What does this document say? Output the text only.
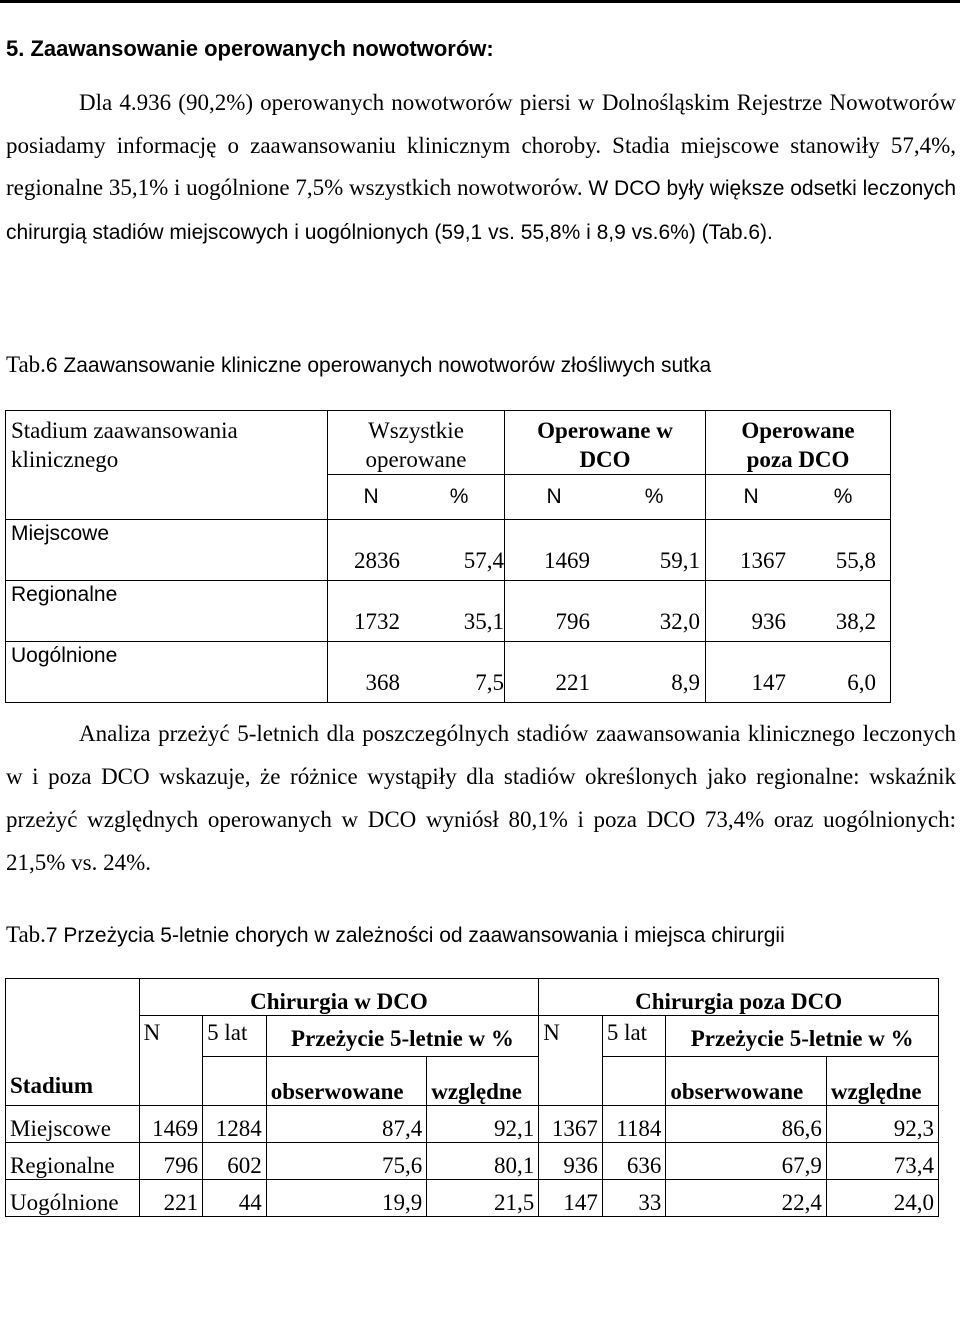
5. Zaawansowanie operowanych nowotworów:

Dla 4.936 (90,2%) operowanych nowotworów piersi w Dolnośląskim Rejestrze Nowotworów posiadamy informację o zaawansowaniu klinicznym choroby. Stadia miejscowe stanowiły 57,4%, regionalne 35,1% i uogólnione 7,5% wszystkich nowotworów. W DCO były większe odsetki leczonych chirurgią stadiów miejscowych i uogólnionych (59,1 vs. 55,8% i 8,9 vs.6%) (Tab.6).

Tab.6 Zaawansowanie kliniczne operowanych nowotworów złośliwych sutka
Stadium zaawansowania klinicznego	Wszystkie operowane	Operowane w DCO	Operowane poza DCO

	N %	N %	N %

Miejscowe	2836 57,4	1469 59,1	1367 55,8

Regionalne	1732 35,1	796 32,0	936 38,2

Uogólnione	368 7,5	221 8,9	147 6,0

Analiza przeżyć 5-letnich dla poszczególnych stadiów zaawansowania klinicznego leczonych w i poza DCO wskazuje, że różnice wystąpiły dla stadiów określonych jako regionalne: wskaźnik przeżyć względnych operowanych w DCO wyniósł 80,1% i poza DCO 73,4% oraz uogólnionych: 21,5% vs. 24%.

Tab.7 Przeżycia 5-letnie chorych w zależności od zaawansowania i miejsca chirurgii
Stadium	Chirurgia w DCO				Chirurgia poza DCO			
	N	5 lat	Przeżycie 5-letnie w %		N	5 lat	Przeżycie 5-letnie w %	

			obserwowane	względne			obserwowane	względne
Miejscowe	1469	1284	87,4	92,1	1367	1184	86,6	92,3
Regionalne	796	602	75,6	80,1	936	636	67,9	73,4
Uogólnione	221	44	19,9	21,5	147	33	22,4	24,0
